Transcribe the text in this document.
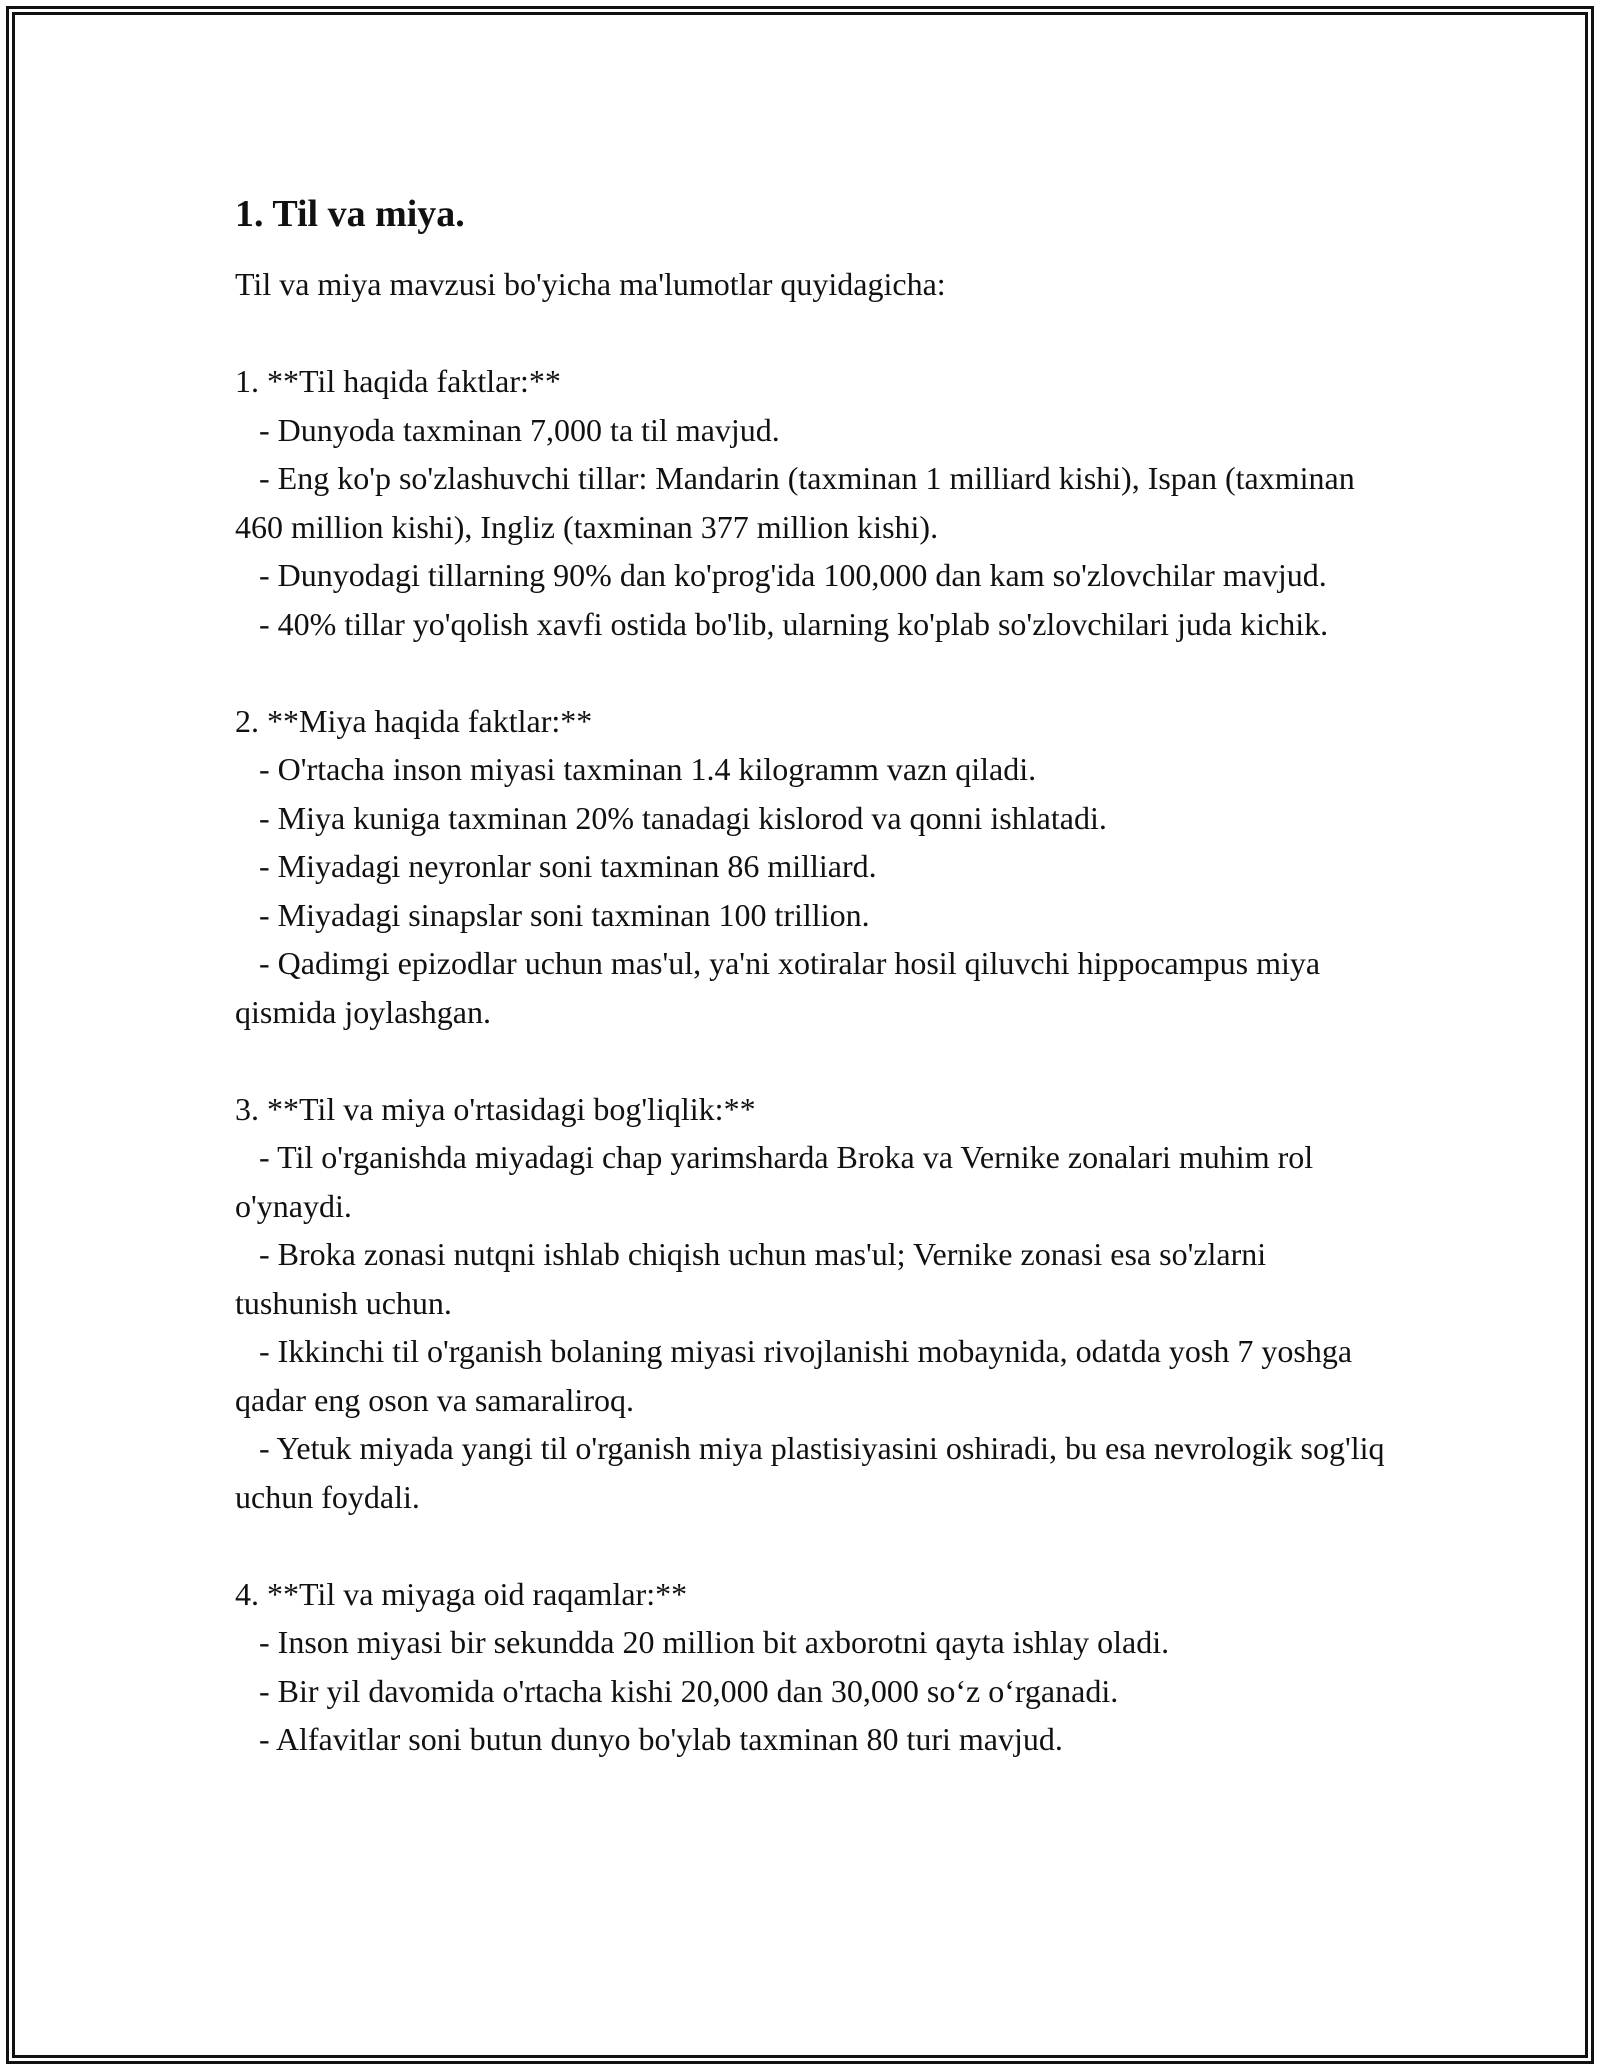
1. Til va miya.

Til va miya mavzusi bo'yicha ma'lumotlar quyidagicha:

1. **Til haqida faktlar:**

- Dunyoda taxminan 7,000 ta til mavjud.

- Eng ko'p so'zlashuvchi tillar: Mandarin (taxminan 1 milliard kishi), Ispan (taxminan 460 million kishi), Ingliz (taxminan 377 million kishi).

- Dunyodagi tillarning 90% dan ko'prog'ida 100,000 dan kam so'zlovchilar mavjud.

- 40% tillar yo'qolish xavfi ostida bo'lib, ularning ko'plab so'zlovchilari juda kichik.

2. **Miya haqida faktlar:**

- O'rtacha inson miyasi taxminan 1.4 kilogramm vazn qiladi.

- Miya kuniga taxminan 20% tanadagi kislorod va qonni ishlatadi.

- Miyadagi neyronlar soni taxminan 86 milliard.

- Miyadagi sinapslar soni taxminan 100 trillion.

- Qadimgi epizodlar uchun mas'ul, ya'ni xotiralar hosil qiluvchi hippocampus miya qismida joylashgan.

3. **Til va miya o'rtasidagi bog'liqlik:**

- Til o'rganishda miyadagi chap yarimsharda Broka va Vernike zonalari muhim rol o'ynaydi.

- Broka zonasi nutqni ishlab chiqish uchun mas'ul; Vernike zonasi esa so'zlarni tushunish uchun.

- Ikkinchi til o'rganish bolaning miyasi rivojlanishi mobaynida, odatda yosh 7 yoshga qadar eng oson va samaraliroq.

- Yetuk miyada yangi til o'rganish miya plastisiyasini oshiradi, bu esa nevrologik sog'liq uchun foydali.

4. **Til va miyaga oid raqamlar:**

- Inson miyasi bir sekundda 20 million bit axborotni qayta ishlay oladi.

- Bir yil davomida o'rtacha kishi 20,000 dan 30,000 so‘z o‘rganadi.

- Alfavitlar soni butun dunyo bo'ylab taxminan 80 turi mavjud.
